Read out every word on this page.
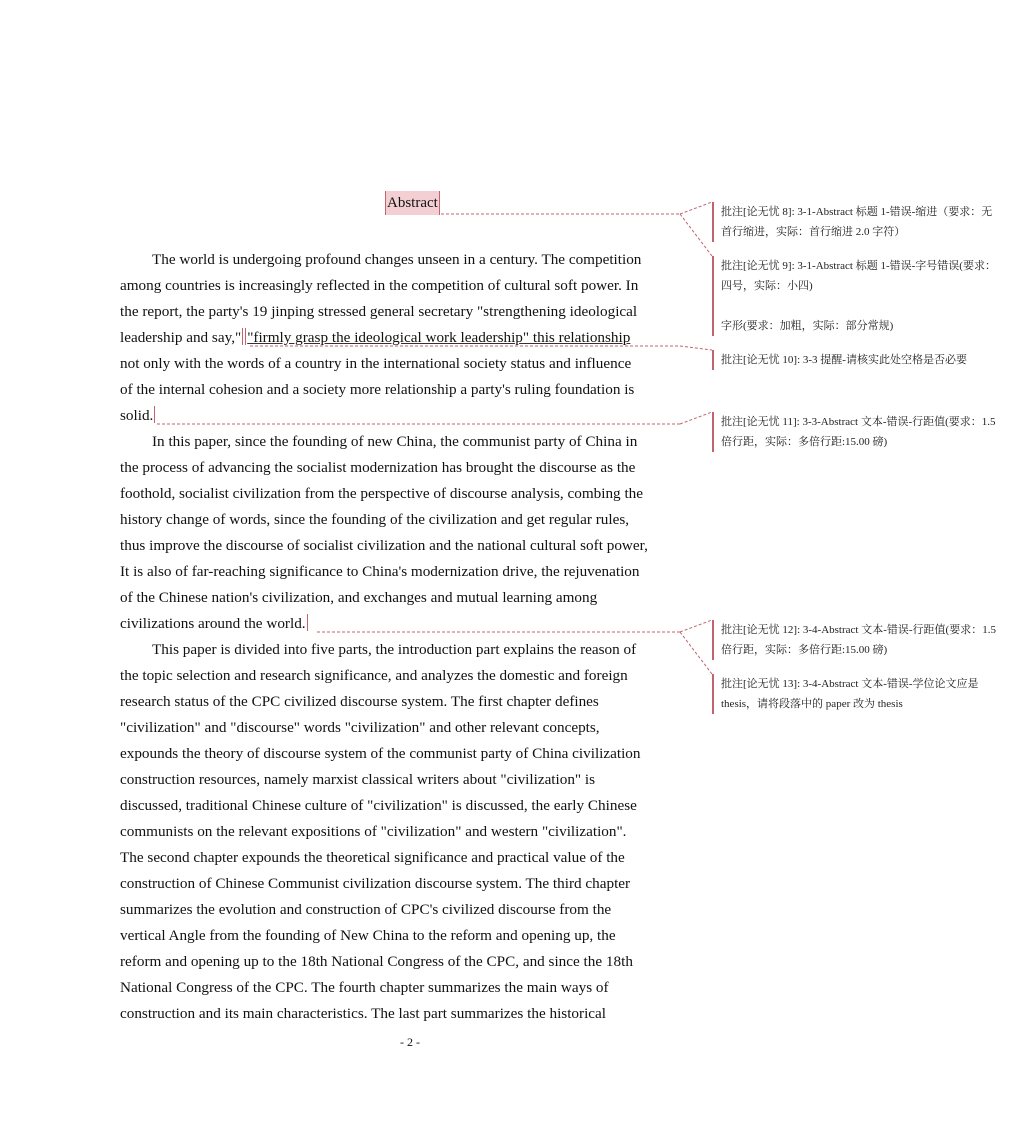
Abstract
The world is undergoing profound changes unseen in a century. The competition
among countries is increasingly reflected in the competition of cultural soft power. In
the report, the party's 19 jinping stressed general secretary "strengthening ideological
leadership and say," "firmly grasp the ideological work leadership" this relationship
not only with the words of a country in the international society status and influence
of the internal cohesion and a society more relationship a party's ruling foundation is
solid.
In this paper, since the founding of new China, the communist party of China in
the process of advancing the socialist modernization has brought the discourse as the
foothold, socialist civilization from the perspective of discourse analysis, combing the
history change of words, since the founding of the civilization and get regular rules,
thus improve the discourse of socialist civilization and the national cultural soft power,
It is also of far-reaching significance to China's modernization drive, the rejuvenation
of the Chinese nation's civilization, and exchanges and mutual learning among
civilizations around the world.
This paper is divided into five parts, the introduction part explains the reason of
the topic selection and research significance, and analyzes the domestic and foreign
research status of the CPC civilized discourse system. The first chapter defines
"civilization" and "discourse" words "civilization" and other relevant concepts,
expounds the theory of discourse system of the communist party of China civilization
construction resources, namely marxist classical writers about "civilization" is
discussed, traditional Chinese culture of "civilization" is discussed, the early Chinese
communists on the relevant expositions of "civilization" and western "civilization".
The second chapter expounds the theoretical significance and practical value of the
construction of Chinese Communist civilization discourse system. The third chapter
summarizes the evolution and construction of CPC's civilized discourse from the
vertical Angle from the founding of New China to the reform and opening up, the
reform and opening up to the 18th National Congress of the CPC, and since the 18th
National Congress of the CPC. The fourth chapter summarizes the main ways of
construction and its main characteristics. The last part summarizes the historical
- 2 -
批注[论无忧 8]: 3-1-Abstract 标题 1-错误-缩进（要求：无
首行缩进，实际：首行缩进 2.0 字符）
批注[论无忧 9]: 3-1-Abstract 标题 1-错误-字号错误(要求：
四号，实际：小四)
字形(要求：加粗，实际：部分常规)
批注[论无忧 10]: 3-3 提醒-请核实此处空格是否必要
批注[论无忧 11]: 3-3-Abstract 文本-错误-行距值(要求：1.5
倍行距，实际：多倍行距:15.00 磅)
批注[论无忧 12]: 3-4-Abstract 文本-错误-行距值(要求：1.5
倍行距，实际：多倍行距:15.00 磅)
批注[论无忧 13]: 3-4-Abstract 文本-错误-学位论文应是
thesis，请将段落中的 paper 改为 thesis
